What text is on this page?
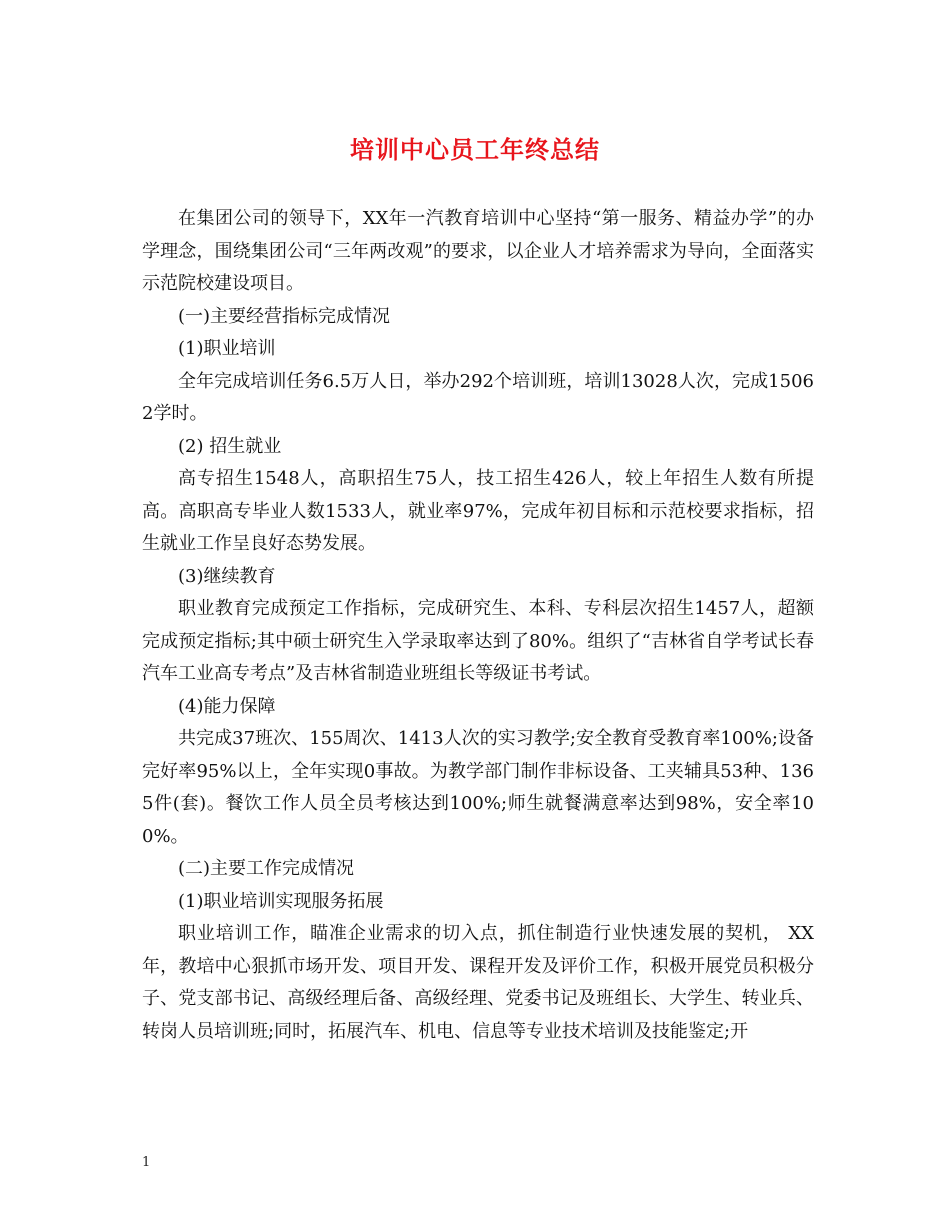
培训中心员工年终总结

在集团公司的领导下，XX年一汽教育培训中心坚持“第一服务、精益办学”的办学理念，围绕集团公司“三年两改观”的要求，以企业人才培养需求为导向，全面落实示范院校建设项目。

(一)主要经营指标完成情况

(1)职业培训

全年完成培训任务6.5万人日，举办292个培训班，培训13028人次，完成15062学时。

(2) 招生就业

高专招生1548人，高职招生75人，技工招生426人，较上年招生人数有所提高。高职高专毕业人数1533人，就业率97%，完成年初目标和示范校要求指标，招生就业工作呈良好态势发展。

(3)继续教育

职业教育完成预定工作指标，完成研究生、本科、专科层次招生1457人，超额完成预定指标;其中硕士研究生入学录取率达到了80%。组织了“吉林省自学考试长春汽车工业高专考点”及吉林省制造业班组长等级证书考试。

(4)能力保障

共完成37班次、155周次、1413人次的实习教学;安全教育受教育率100%;设备完好率95%以上，全年实现0事故。为教学部门制作非标设备、工夹辅具53种、1365件(套)。餐饮工作人员全员考核达到100%;师生就餐满意率达到98%，安全率100%。

(二)主要工作完成情况

(1)职业培训实现服务拓展

职业培训工作，瞄准企业需求的切入点，抓住制造行业快速发展的契机， XX年，教培中心狠抓市场开发、项目开发、课程开发及评价工作，积极开展党员积极分子、党支部书记、高级经理后备、高级经理、党委书记及班组长、大学生、转业兵、转岗人员培训班;同时，拓展汽车、机电、信息等专业技术培训及技能鉴定;开

1
